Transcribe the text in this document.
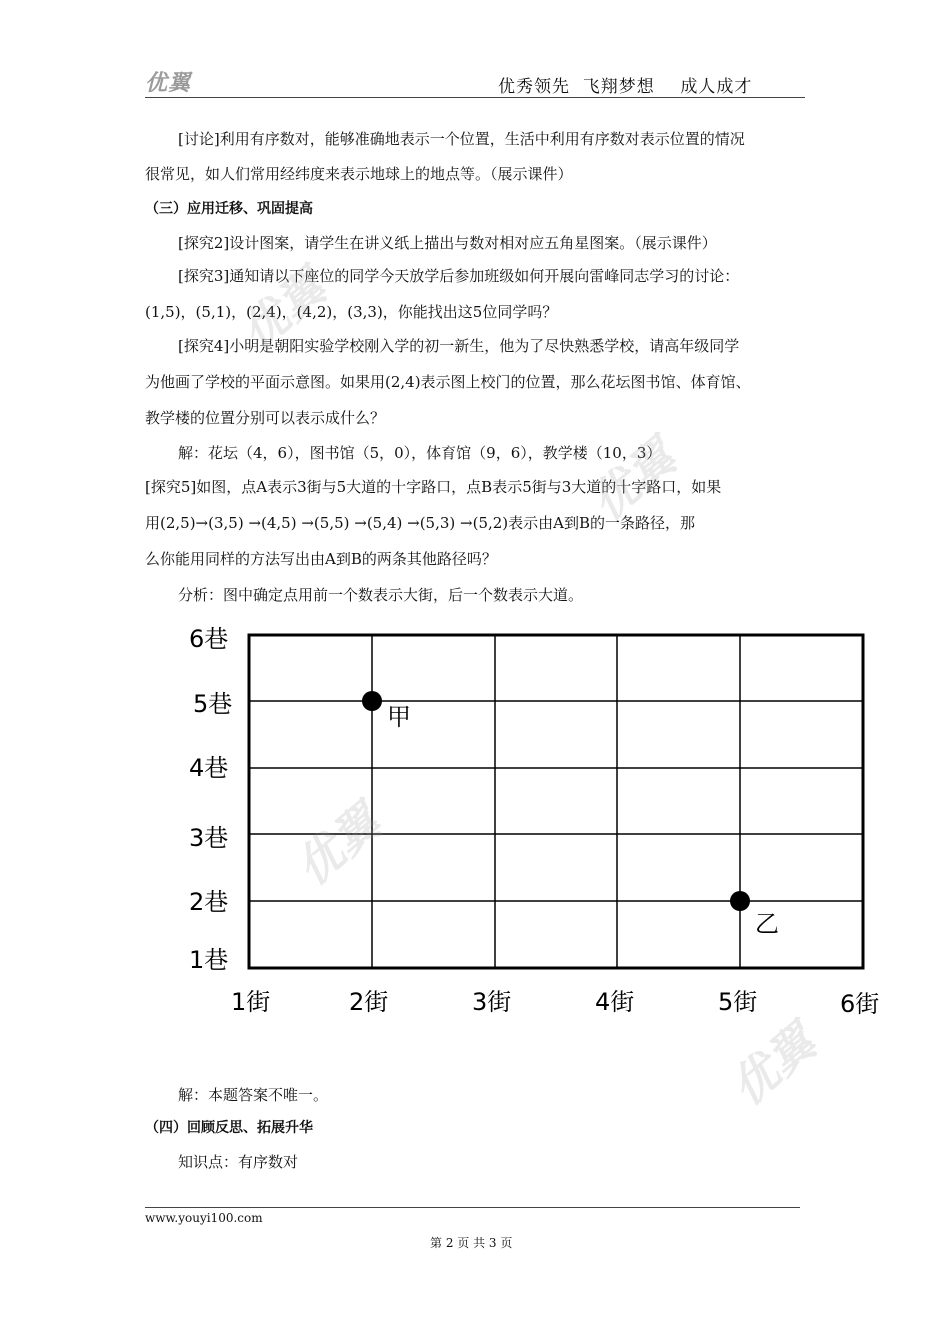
优翼	优秀领先  飞翔梦想    成人成才
[讨论]利用有序数对，能够准确地表示一个位置，生活中利用有序数对表示位置的情况
很常见，如人们常用经纬度来表示地球上的地点等。（展示课件）
（三）应用迁移、巩固提高
[探究2]设计图案，请学生在讲义纸上描出与数对相对应五角星图案。（展示课件）
[探究3]通知请以下座位的同学今天放学后参加班级如何开展向雷峰同志学习的讨论：
(1,5)，(5,1)，(2,4)，(4,2)，(3,3)，你能找出这5位同学吗？
[探究4]小明是朝阳实验学校刚入学的初一新生，他为了尽快熟悉学校，请高年级同学
为他画了学校的平面示意图。如果用(2,4)表示图上校门的位置，那么花坛图书馆、体育馆、
教学楼的位置分别可以表示成什么？
解：花坛（4，6），图书馆（5，0），体育馆（9，6），教学楼（10，3）
[探究5]如图，点A表示3街与5大道的十字路口，点B表示5街与3大道的十字路口，如果
用(2,5)→(3,5) →(4,5) →(5,5) →(5,4) →(5,3) →(5,2)表示由A到B的一条路径，那
么你能用同样的方法写出由A到B的两条其他路径吗？
分析：图中确定点用前一个数表示大街，后一个数表示大道。
6巷
5巷
4巷
3巷
2巷
1巷
1街	2街	3街	4街	5街	6街
甲
乙
解：本题答案不唯一。
（四）回顾反思、拓展升华
知识点：有序数对
优翼
优翼
优翼
优翼
www.youyi100.com
第 2 页 共 3 页
